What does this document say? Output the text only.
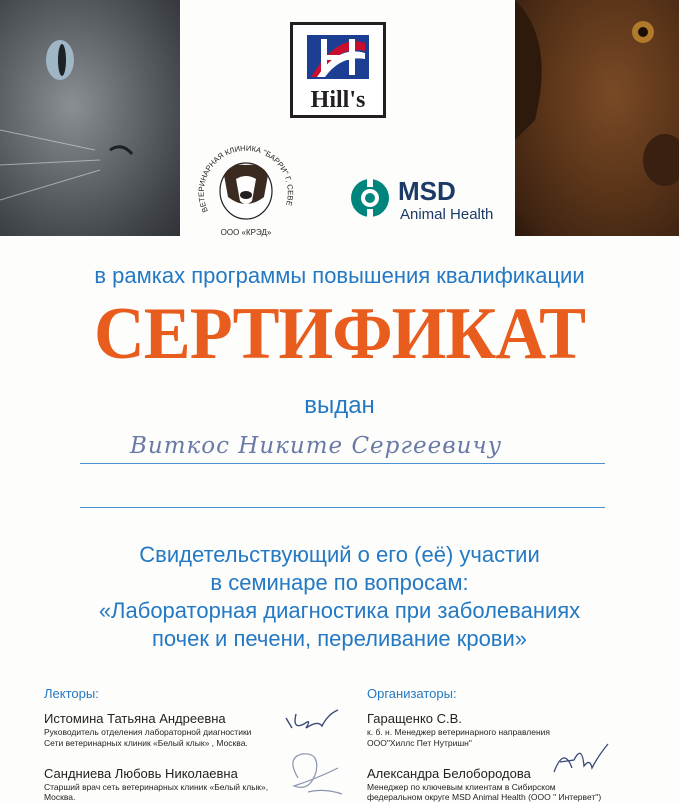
Hill's
ВЕТЕРИНАРНАЯ КЛИНИКА "БАРРИ" Г. СЕВЕ
ООО «КРЭД»
MSD
Animal Health
в рамках программы повышения квалификации
СЕРТИФИКАТ
выдан
Виткос Никите Сергеевичу
Свидетельствующий о его (её) участии
в семинаре по вопросам:
«Лабораторная диагностика при заболеваниях
почек и печени, переливание крови»
Лекторы:
Истомина Татьяна Андреевна
Руководитель отделения лабораторной диагностики
Сети ветеринарных клиник «Белый клык» , Москва.
Сандниева Любовь Николаевна
Старший врач сеть ветеринарных клиник «Белый клык»,
Москва.
Организаторы:
Гаращенко С.В.
к. б. н. Менеджер ветеринарного направления
ООО"Хиллс Пет Нутришн"
Александра Белобородова
Менеджер по ключевым клиентам в Сибирском
федеральном округе MSD Animal Health (ООО " Интервет")
